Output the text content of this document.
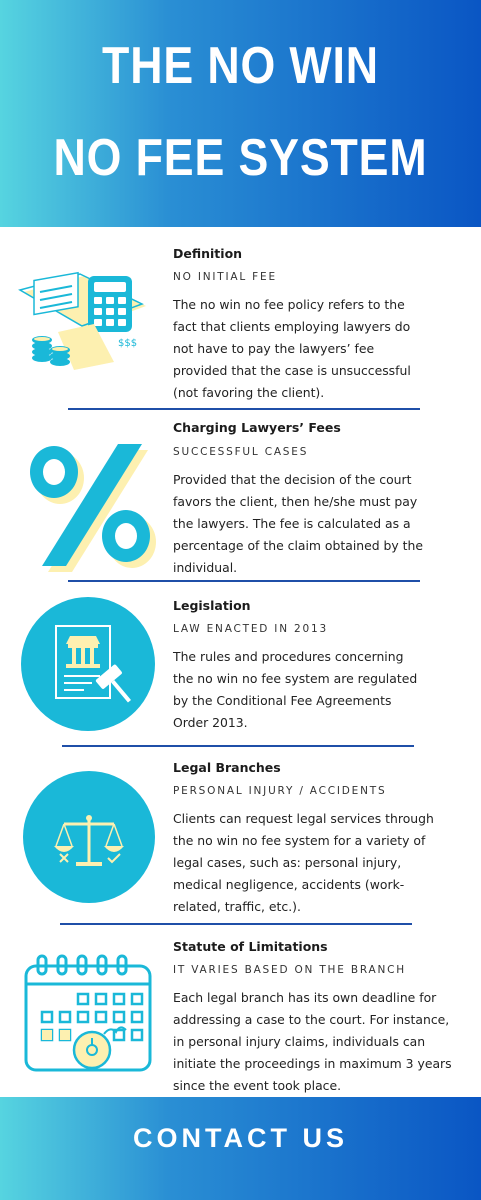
THE NO WIN
NO FEE SYSTEM
Definition
NO INITIAL FEE
The no win no fee policy refers to the
fact that clients employing lawyers do
not have to pay the lawyers’ fee
provided that the case is unsuccessful
(not favoring the client).
$$$
Charging Lawyers’ Fees
SUCCESSFUL CASES
Provided that the decision of the court
favors the client, then he/she must pay
the lawyers. The fee is calculated as a
percentage of the claim obtained by the
individual.
Legislation
LAW ENACTED IN 2013
The rules and procedures concerning
the no win no fee system are regulated
by the Conditional Fee Agreements
Order 2013.
Legal Branches
PERSONAL INJURY / ACCIDENTS
Clients can request legal services through
the no win no fee system for a variety of
legal cases, such as: personal injury,
medical negligence, accidents (work-
related, traffic, etc.).
Statute of Limitations
IT VARIES BASED ON THE BRANCH
Each legal branch has its own deadline for
addressing a case to the court. For instance,
in personal injury claims, individuals can
initiate the proceedings in maximum 3 years
since the event took place.
CONTACT US
